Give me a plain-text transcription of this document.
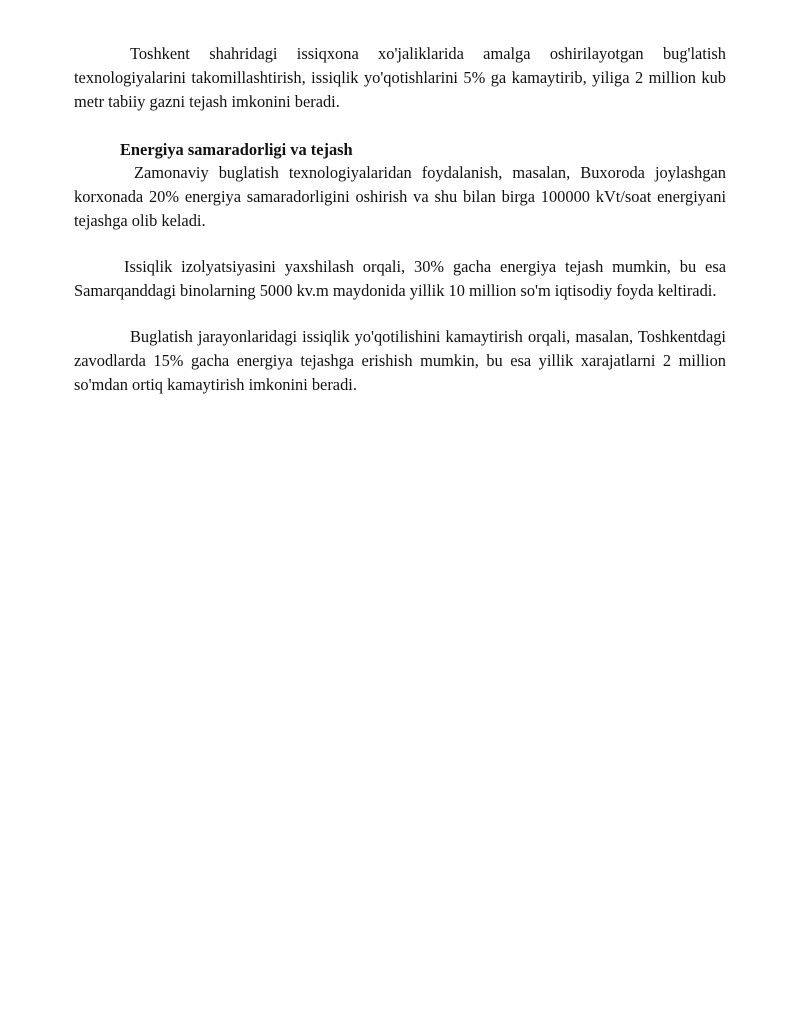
Toshkent shahridagi issiqxona xo'jaliklarida amalga oshirilayotgan bug'latish texnologiyalarini takomillashtirish, issiqlik yo'qotishlarini 5% ga kamaytirib, yiliga 2 million kub metr tabiiy gazni tejash imkonini beradi.

Energiya samaradorligi va tejash

Zamonaviy buglatish texnologiyalaridan foydalanish, masalan, Buxoroda joylashgan korxonada 20% energiya samaradorligini oshirish va shu bilan birga 100000 kVt/soat energiyani tejashga olib keladi.

Issiqlik izolyatsiyasini yaxshilash orqali, 30% gacha energiya tejash mumkin, bu esa Samarqanddagi binolarning 5000 kv.m maydonida yillik 10 million so'm iqtisodiy foyda keltiradi.

Buglatish jarayonlaridagi issiqlik yo'qotilishini kamaytirish orqali, masalan, Toshkentdagi zavodlarda 15% gacha energiya tejashga erishish mumkin, bu esa yillik xarajatlarni 2 million so'mdan ortiq kamaytirish imkonini beradi.
